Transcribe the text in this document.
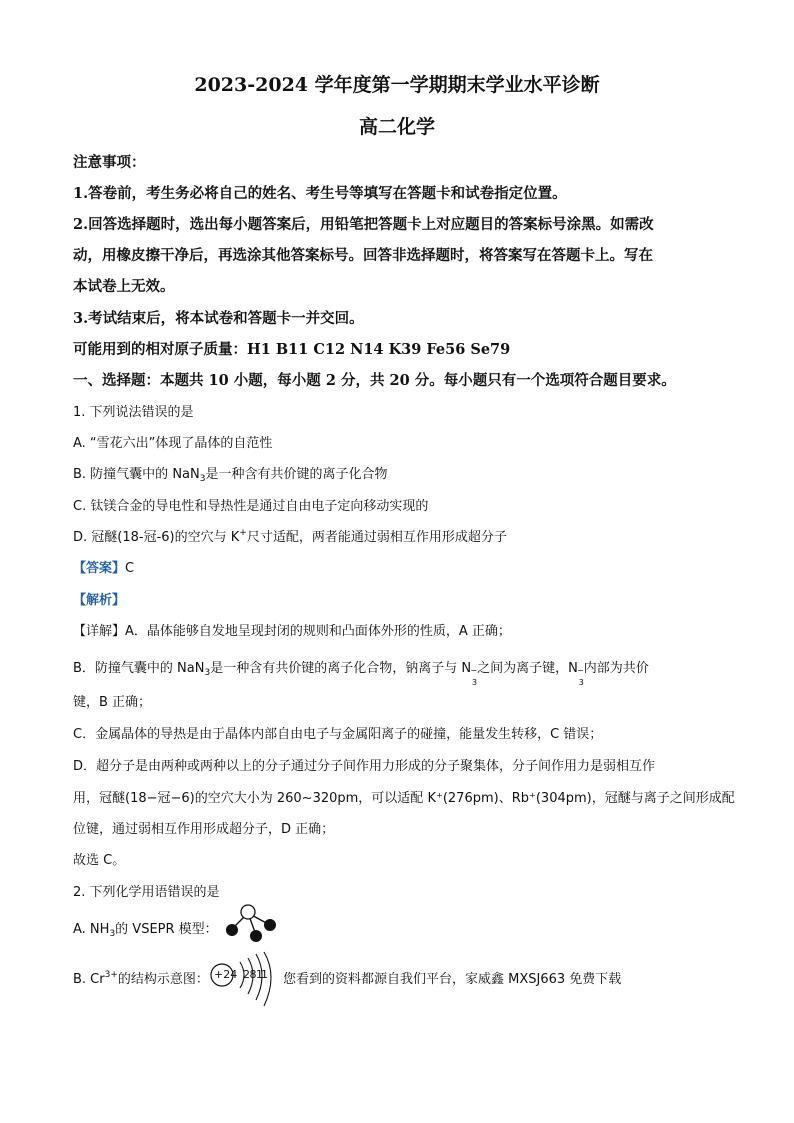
2023-2024 学年度第一学期期末学业水平诊断
高二化学
注意事项：
1.答卷前，考生务必将自己的姓名、考生号等填写在答题卡和试卷指定位置。
2.回答选择题时，选出每小题答案后，用铅笔把答题卡上对应题目的答案标号涂黑。如需改
动，用橡皮擦干净后，再选涂其他答案标号。回答非选择题时，将答案写在答题卡上。写在
本试卷上无效。
3.考试结束后，将本试卷和答题卡一并交回。
可能用到的相对原子质量：H1 B11 C12 N14 K39 Fe56 Se79
一、选择题：本题共 10 小题，每小题 2 分，共 20 分。每小题只有一个选项符合题目要求。
1. 下列说法错误的是
A. “雪花六出”体现了晶体的自范性
B. 防撞气囊中的 NaN$_3$是一种含有共价键的离子化合物
C. 钛镁合金的导电性和导热性是通过自由电子定向移动实现的
D. 冠醚(18-冠-6)的空穴与 K+尺寸适配，两者能通过弱相互作用形成超分子
【答案】C
【解析】
【详解】A．晶体能够自发地呈现封闭的规则和凸面体外形的性质，A 正确；
B．防撞气囊中的 NaN$_3$是一种含有共价键的离子化合物，钠离子与 N −
3
之间为离子键，N −
3
内部为共价
键，B 正确；
C．金属晶体的导热是由于晶体内部自由电子与金属阳离子的碰撞，能量发生转移，C 错误；
D．超分子是由两种或两种以上的分子通过分子间作用力形成的分子聚集体，分子间作用力是弱相互作
用，冠醚(18−冠−6)的空穴大小为 260~320pm，可以适配 K⁺(276pm)、Rb⁺(304pm)，冠醚与离子之间形成配
位键，通过弱相互作用形成超分子，D 正确；
故选 C。
2. 下列化学用语错误的是
A. $NH_3$的 VSEPR 模型：
B. $Cr^{3+}$的结构示意图： +24 2 8 11 您看到的资料都源自我们平台，家威鑫 MXSJ663 免费下载
